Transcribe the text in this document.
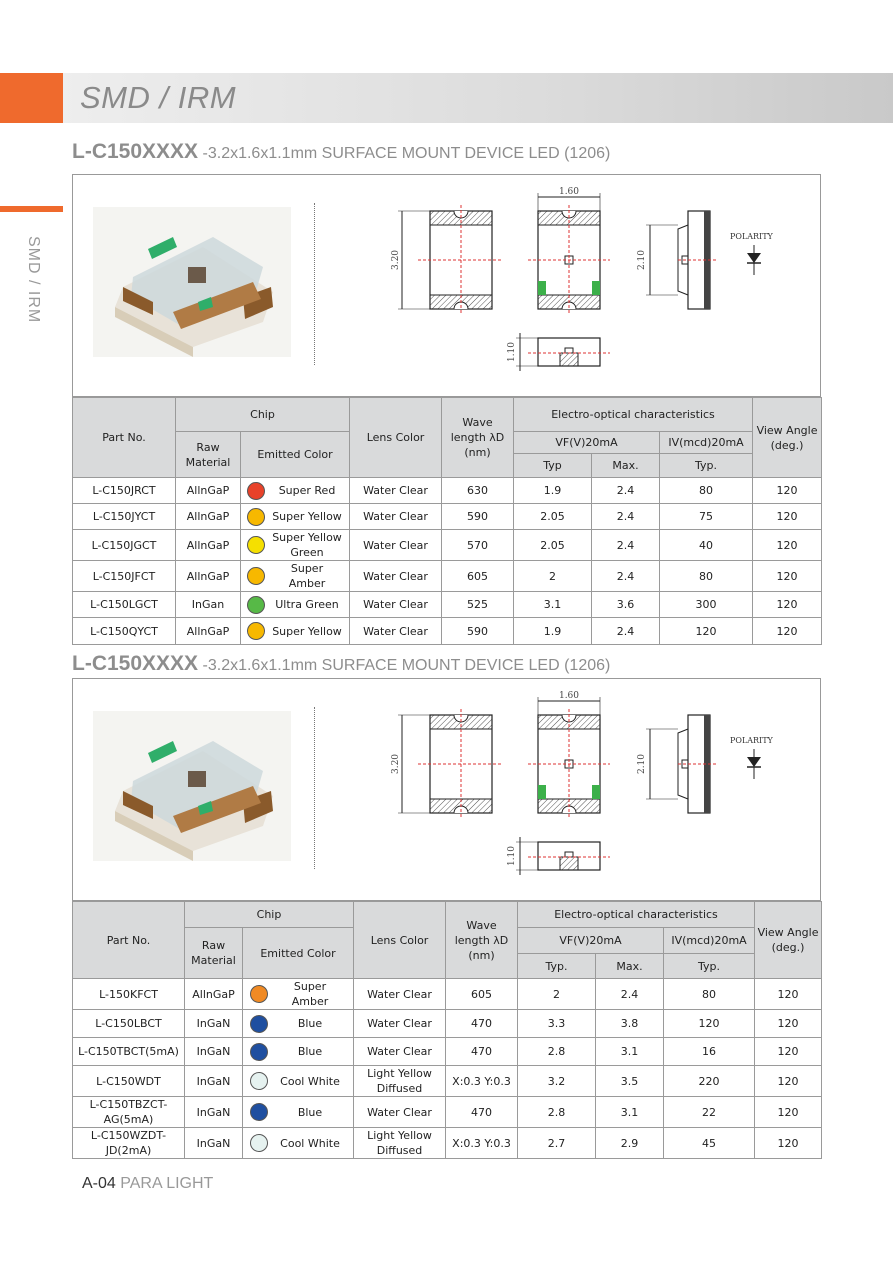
SMD / IRM
SMD / IRM
L-C150XXXX -3.2x1.6x1.1mm SURFACE MOUNT DEVICE LED (1206)
3.20
1.60
2.10
POLARITY
1.10
Part No.	Chip		Lens Color	Wave length λD (nm)	Electro-optical characteristics			View Angle (deg.)
	Raw Material	Emitted Color			VF(V)20mA		IV(mcd)20mA	
					Typ	Max.	Typ.	
L-C150JRCT	AllnGaP	Super Red	Water Clear	630	1.9	2.4	80	120
L-C150JYCT	AllnGaP	Super Yellow	Water Clear	590	2.05	2.4	75	120
L-C150JGCT	AllnGaP	Super Yellow Green	Water Clear	570	2.05	2.4	40	120
L-C150JFCT	AllnGaP	Super Amber	Water Clear	605	2	2.4	80	120
L-C150LGCT	InGan	Ultra Green	Water Clear	525	3.1	3.6	300	120
L-C150QYCT	AllnGaP	Super Yellow	Water Clear	590	1.9	2.4	120	120
L-C150XXXX -3.2x1.6x1.1mm SURFACE MOUNT DEVICE LED (1206)
3.20
1.60
2.10
POLARITY
1.10
Part No.	Chip		Lens Color	Wave length λD (nm)	Electro-optical characteristics			View Angle (deg.)
	Raw Material	Emitted Color			VF(V)20mA		IV(mcd)20mA	
					Typ.	Max.	Typ.	
L-150KFCT	AllnGaP	Super Amber	Water Clear	605	2	2.4	80	120
L-C150LBCT	InGaN	Blue	Water Clear	470	3.3	3.8	120	120
L-C150TBCT(5mA)	InGaN	Blue	Water Clear	470	2.8	3.1	16	120
L-C150WDT	InGaN	Cool White	Light Yellow Diffused	X:0.3 Y:0.3	3.2	3.5	220	120
L-C150TBZCT-AG(5mA)	InGaN	Blue	Water Clear	470	2.8	3.1	22	120
L-C150WZDT-JD(2mA)	InGaN	Cool White	Light Yellow Diffused	X:0.3 Y:0.3	2.7	2.9	45	120
A-04 PARA LIGHT
